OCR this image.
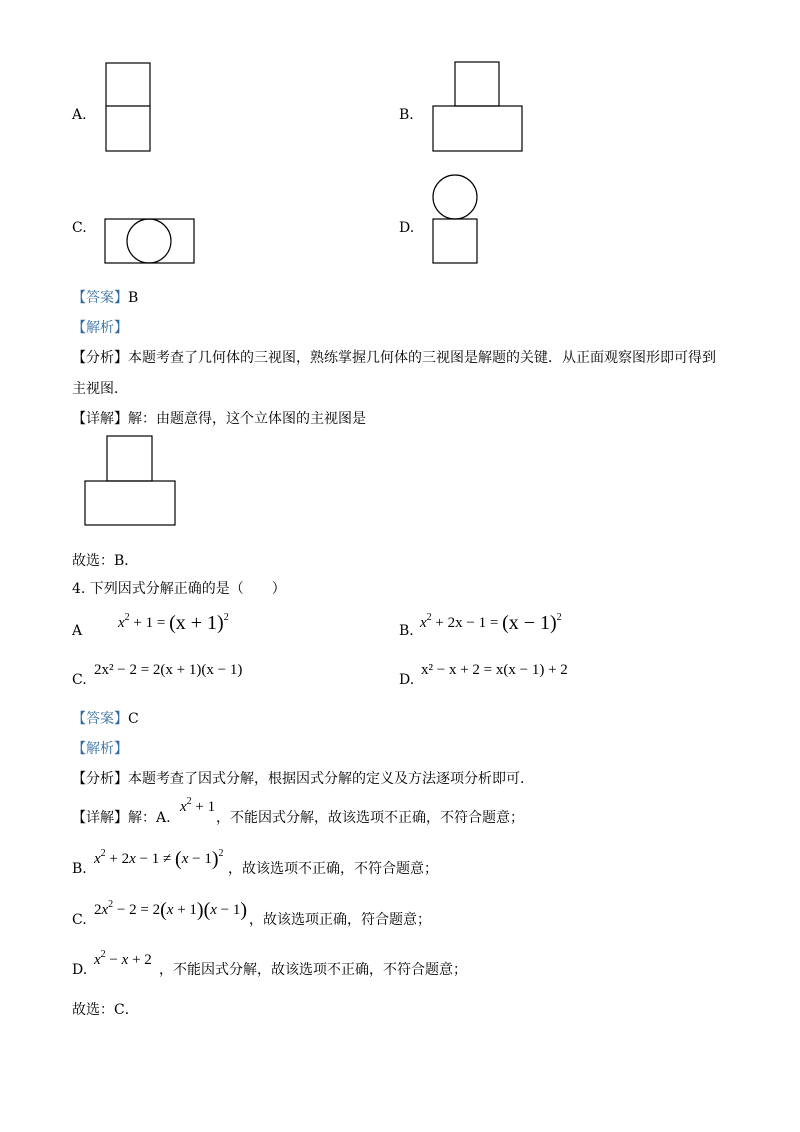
A.	B.
C.	D.
【答案】B
【解析】
【分析】本题考查了几何体的三视图，熟练掌握几何体的三视图是解题的关键．从正面观察图形即可得到
主视图．
【详解】解：由题意得，这个立体图的主视图是
故选：B．
4. 下列因式分解正确的是（　　）
A $x^2 + 1 = (x + 1)^2$
B. $x^2 + 2x - 1 = (x - 1)^2$
C.
2x² − 2 = 2(x + 1)(x − 1)
D.
x² − x + 2 = x(x − 1) + 2
【答案】C
【解析】
【分析】本题考查了因式分解，根据因式分解的定义及方法逐项分析即可．
【详解】解：A.
$x^2 + 1$
，不能因式分解，故该选项不正确，不符合题意；
B.
$x^2 + 2x - 1 \ne (x - 1)^2$
，故该选项不正确，不符合题意；
C.
$2x^2 - 2 = 2(x + 1)(x - 1)$ ，故该选项正确，符合题意；
D.
$x^2 - x + 2$
，不能因式分解，故该选项不正确，不符合题意；
故选：C．
